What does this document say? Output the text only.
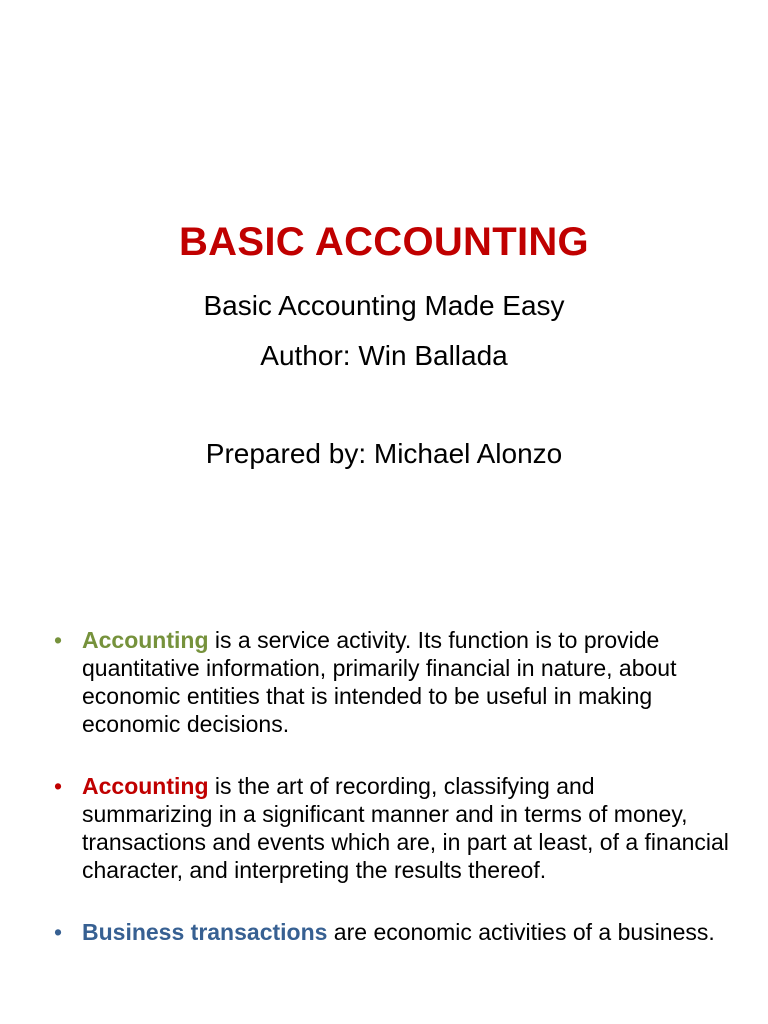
BASIC ACCOUNTING
Basic Accounting Made Easy
Author: Win Ballada
Prepared by: Michael Alonzo
• Accounting is a service activity. Its function is to provide quantitative information, primarily financial in nature, about economic entities that is intended to be useful in making economic decisions.
• Accounting is the art of recording, classifying and summarizing in a significant manner and in terms of money, transactions and events which are, in part at least, of a financial character, and interpreting the results thereof.
• Business transactions are economic activities of a business.
